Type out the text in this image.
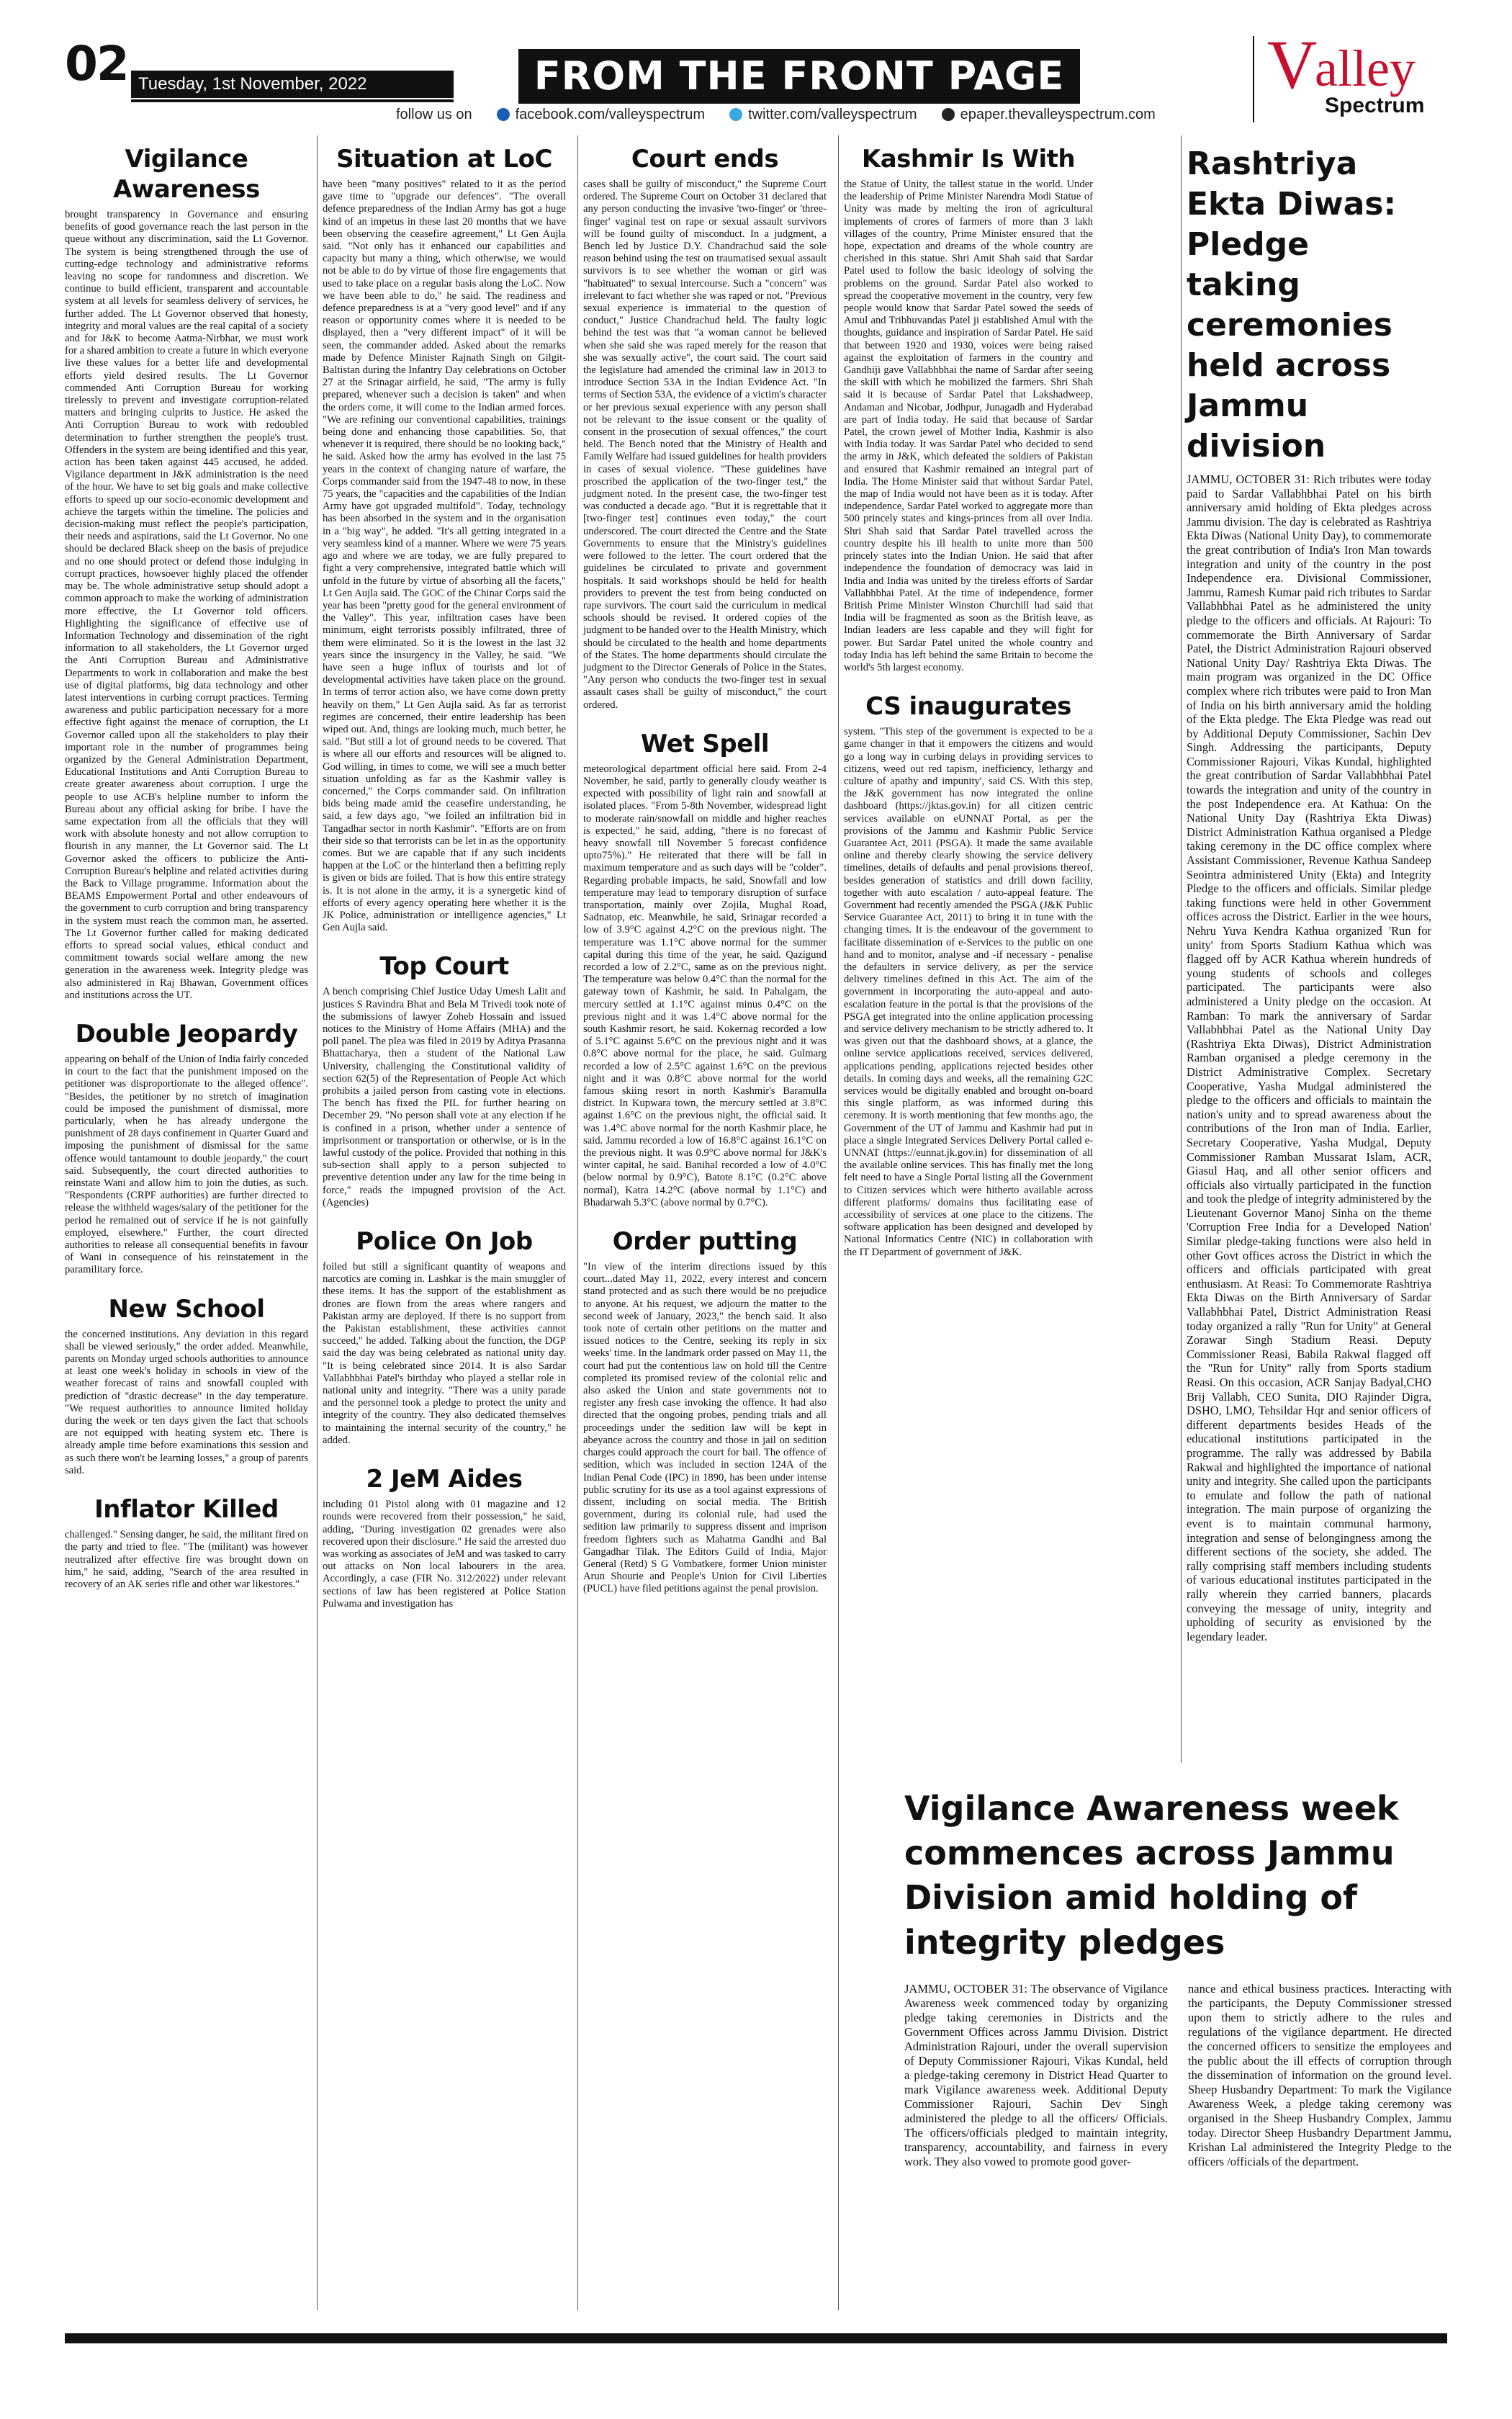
02 Tuesday, 1st November, 2022	FROM THE FRONT PAGE
follow us on	facebook.com/valleyspectrum	twitter.com/valleyspectrum	epaper.thevalleyspectrum.com
V
alley
Spectrum
Vigilance Awareness

brought transparency in Governance and ensuring benefits of good governance reach the last person in the queue without any discrimination, said the Lt Governor. The system is being strengthened through the use of cutting-edge technology and administrative reforms leaving no scope for randomness and discretion. We continue to build efficient, transparent and accountable system at all levels for seamless delivery of services, he further added. The Lt Governor observed that honesty, integrity and moral values are the real capital of a society and for J&K to become Aatma-Nirbhar, we must work for a shared ambition to create a future in which everyone live these values for a better life and developmental efforts yield desired results. The Lt Governor commended Anti Corruption Bureau for working tirelessly to prevent and investigate corruption-related matters and bringing culprits to Justice. He asked the Anti Corruption Bureau to work with redoubled determination to further strengthen the people's trust. Offenders in the system are being identified and this year, action has been taken against 445 accused, he added. Vigilance department in J&K administration is the need of the hour. We have to set big goals and make collective efforts to speed up our socio-economic development and achieve the targets within the timeline. The policies and decision-making must reflect the people's participation, their needs and aspirations, said the Lt Governor. No one should be declared Black sheep on the basis of prejudice and no one should protect or defend those indulging in corrupt practices, howsoever highly placed the offender may be. The whole administrative setup should adopt a common approach to make the working of administration more effective, the Lt Governor told officers. Highlighting the significance of effective use of Information Technology and dissemination of the right information to all stakeholders, the Lt Governor urged the Anti Corruption Bureau and Administrative Departments to work in collaboration and make the best use of digital platforms, big data technology and other latest interventions in curbing corrupt practices. Terming awareness and public participation necessary for a more effective fight against the menace of corruption, the Lt Governor called upon all the stakeholders to play their important role in the number of programmes being organized by the General Administration Department, Educational Institutions and Anti Corruption Bureau to create greater awareness about corruption. I urge the people to use ACB's helpline number to inform the Bureau about any official asking for bribe. I have the same expectation from all the officials that they will work with absolute honesty and not allow corruption to flourish in any manner, the Lt Governor said. The Lt Governor asked the officers to publicize the Anti-Corruption Bureau's helpline and related activities during the Back to Village programme. Information about the BEAMS Empowerment Portal and other endeavours of the government to curb corruption and bring transparency in the system must reach the common man, he asserted. The Lt Governor further called for making dedicated efforts to spread social values, ethical conduct and commitment towards social welfare among the new generation in the awareness week. Integrity pledge was also administered in Raj Bhawan, Government offices and institutions across the UT.

Double Jeopardy

appearing on behalf of the Union of India fairly conceded in court to the fact that the punishment imposed on the petitioner was disproportionate to the alleged offence". "Besides, the petitioner by no stretch of imagination could be imposed the punishment of dismissal, more particularly, when he has already undergone the punishment of 28 days confinement in Quarter Guard and imposing the punishment of dismissal for the same offence would tantamount to double jeopardy," the court said. Subsequently, the court directed authorities to reinstate Wani and allow him to join the duties, as such. "Respondents (CRPF authorities) are further directed to release the withheld wages/salary of the petitioner for the period he remained out of service if he is not gainfully employed, elsewhere." Further, the court directed authorities to release all consequential benefits in favour of Wani in consequence of his reinstatement in the paramilitary force.

New School

the concerned institutions. Any deviation in this regard shall be viewed seriously," the order added. Meanwhile, parents on Monday urged schools authorities to announce at least one week's holiday in schools in view of the weather forecast of rains and snowfall coupled with prediction of "drastic decrease" in the day temperature. "We request authorities to announce limited holiday during the week or ten days given the fact that schools are not equipped with heating system etc. There is already ample time before examinations this session and as such there won't be learning losses," a group of parents said.

Inflator Killed

challenged." Sensing danger, he said, the militant fired on the party and tried to flee. "The (militant) was however neutralized after effective fire was brought down on him," he said, adding, "Search of the area resulted in recovery of an AK series rifle and other war likestores."

Situation at LoC

have been "many positives" related to it as the period gave time to "upgrade our defences". "The overall defence preparedness of the Indian Army has got a huge kind of an impetus in these last 20 months that we have been observing the ceasefire agreement," Lt Gen Aujla said. "Not only has it enhanced our capabilities and capacity but many a thing, which otherwise, we would not be able to do by virtue of those fire engagements that used to take place on a regular basis along the LoC. Now we have been able to do," he said. The readiness and defence preparedness is at a "very good level" and if any reason or opportunity comes where it is needed to be displayed, then a "very different impact" of it will be seen, the commander added. Asked about the remarks made by Defence Minister Rajnath Singh on Gilgit-Baltistan during the Infantry Day celebrations on October 27 at the Srinagar airfield, he said, "The army is fully prepared, whenever such a decision is taken" and when the orders come, it will come to the Indian armed forces. "We are refining our conventional capabilities, trainings being done and enhancing those capabilities. So, that whenever it is required, there should be no looking back," he said. Asked how the army has evolved in the last 75 years in the context of changing nature of warfare, the Corps commander said from the 1947-48 to now, in these 75 years, the "capacities and the capabilities of the Indian Army have got upgraded multifold". Today, technology has been absorbed in the system and in the organisation in a "big way", he added. "It's all getting integrated in a very seamless kind of a manner. Where we were 75 years ago and where we are today, we are fully prepared to fight a very comprehensive, integrated battle which will unfold in the future by virtue of absorbing all the facets," Lt Gen Aujla said. The GOC of the Chinar Corps said the year has been "pretty good for the general environment of the Valley". This year, infiltration cases have been minimum, eight terrorists possibly infiltrated, three of them were eliminated. So it is the lowest in the last 32 years since the insurgency in the Valley, he said. "We have seen a huge influx of tourists and lot of developmental activities have taken place on the ground. In terms of terror action also, we have come down pretty heavily on them," Lt Gen Aujla said. As far as terrorist regimes are concerned, their entire leadership has been wiped out. And, things are looking much, much better, he said. "But still a lot of ground needs to be covered. That is where all our efforts and resources will be aligned to. God willing, in times to come, we will see a much better situation unfolding as far as the Kashmir valley is concerned," the Corps commander said. On infiltration bids being made amid the ceasefire understanding, he said, a few days ago, "we foiled an infiltration bid in Tangadhar sector in north Kashmir". "Efforts are on from their side so that terrorists can be let in as the opportunity comes. But we are capable that if any such incidents happen at the LoC or the hinterland then a befitting reply is given or bids are foiled. That is how this entire strategy is. It is not alone in the army, it is a synergetic kind of efforts of every agency operating here whether it is the JK Police, administration or intelligence agencies," Lt Gen Aujla said.

Top Court

A bench comprising Chief Justice Uday Umesh Lalit and justices S Ravindra Bhat and Bela M Trivedi took note of the submissions of lawyer Zoheb Hossain and issued notices to the Ministry of Home Affairs (MHA) and the poll panel. The plea was filed in 2019 by Aditya Prasanna Bhattacharya, then a student of the National Law University, challenging the Constitutional validity of section 62(5) of the Representation of People Act which prohibits a jailed person from casting vote in elections. The bench has fixed the PIL for further hearing on December 29. "No person shall vote at any election if he is confined in a prison, whether under a sentence of imprisonment or transportation or otherwise, or is in the lawful custody of the police. Provided that nothing in this sub-section shall apply to a person subjected to preventive detention under any law for the time being in force," reads the impugned provision of the Act. (Agencies)

Police On Job

foiled but still a significant quantity of weapons and narcotics are coming in. Lashkar is the main smuggler of these items. It has the support of the establishment as drones are flown from the areas where rangers and Pakistan army are deployed. If there is no support from the Pakistan establishment, these activities cannot succeed," he added. Talking about the function, the DGP said the day was being celebrated as national unity day. "It is being celebrated since 2014. It is also Sardar Vallabhbhai Patel's birthday who played a stellar role in national unity and integrity. "There was a unity parade and the personnel took a pledge to protect the unity and integrity of the country. They also dedicated themselves to maintaining the internal security of the country," he added.

2 JeM Aides

including 01 Pistol along with 01 magazine and 12 rounds were recovered from their possession," he said, adding, "During investigation 02 grenades were also recovered upon their disclosure." He said the arrested duo was working as associates of JeM and was tasked to carry out attacks on Non local labourers in the area. Accordingly, a case (FIR No. 312/2022) under relevant sections of law has been registered at Police Station Pulwama and investigation has

Court ends

cases shall be guilty of misconduct," the Supreme Court ordered. The Supreme Court on October 31 declared that any person conducting the invasive 'two-finger' or 'three-finger' vaginal test on rape or sexual assault survivors will be found guilty of misconduct. In a judgment, a Bench led by Justice D.Y. Chandrachud said the sole reason behind using the test on traumatised sexual assault survivors is to see whether the woman or girl was "habituated" to sexual intercourse. Such a "concern" was irrelevant to fact whether she was raped or not. "Previous sexual experience is immaterial to the question of conduct," Justice Chandrachud held. The faulty logic behind the test was that "a woman cannot be believed when she said she was raped merely for the reason that she was sexually active", the court said. The court said the legislature had amended the criminal law in 2013 to introduce Section 53A in the Indian Evidence Act. "In terms of Section 53A, the evidence of a victim's character or her previous sexual experience with any person shall not be relevant to the issue consent or the quality of consent in the prosecution of sexual offences," the court held. The Bench noted that the Ministry of Health and Family Welfare had issued guidelines for health providers in cases of sexual violence. "These guidelines have proscribed the application of the two-finger test," the judgment noted. In the present case, the two-finger test was conducted a decade ago. "But it is regrettable that it [two-finger test] continues even today," the court underscored. The court directed the Centre and the State Governments to ensure that the Ministry's guidelines were followed to the letter. The court ordered that the guidelines be circulated to private and government hospitals. It said workshops should be held for health providers to prevent the test from being conducted on rape survivors. The court said the curriculum in medical schools should be revised. It ordered copies of the judgment to be handed over to the Health Ministry, which should be circulated to the health and home departments of the States. The home departments should circulate the judgment to the Director Generals of Police in the States. "Any person who conducts the two-finger test in sexual assault cases shall be guilty of misconduct," the court ordered.

Wet Spell

meteorological department official here said. From 2-4 November, he said, partly to generally cloudy weather is expected with possibility of light rain and snowfall at isolated places. "From 5-8th November, widespread light to moderate rain/snowfall on middle and higher reaches is expected," he said, adding, "there is no forecast of heavy snowfall till November 5 forecast confidence upto75%)." He reiterated that there will be fall in maximum temperature and as such days will be "colder". Regarding probable impacts, he said, Snowfall and low temperature may lead to temporary disruption of surface transportation, mainly over Zojila, Mughal Road, Sadnatop, etc. Meanwhile, he said, Srinagar recorded a low of 3.9°C against 4.2°C on the previous night. The temperature was 1.1°C above normal for the summer capital during this time of the year, he said. Qazigund recorded a low of 2.2°C, same as on the previous night. The temperature was below 0.4°C than the normal for the gateway town of Kashmir, he said. In Pahalgam, the mercury settled at 1.1°C against minus 0.4°C on the previous night and it was 1.4°C above normal for the south Kashmir resort, he said. Kokernag recorded a low of 5.1°C against 5.6°C on the previous night and it was 0.8°C above normal for the place, he said. Gulmarg recorded a low of 2.5°C against 1.6°C on the previous night and it was 0.8°C above normal for the world famous skiing resort in north Kashmir's Baramulla district. In Kupwara town, the mercury settled at 3.8°C against 1.6°C on the previous night, the official said. It was 1.4°C above normal for the north Kashmir place, he said. Jammu recorded a low of 16.8°C against 16.1°C on the previous night. It was 0.9°C above normal for J&K's winter capital, he said. Banihal recorded a low of 4.0°C (below normal by 0.9°C), Batote 8.1°C (0.2°C above normal), Katra 14.2°C (above normal by 1.1°C) and Bhadarwah 5.3°C (above normal by 0.7°C).

Order putting

"In view of the interim directions issued by this court...dated May 11, 2022, every interest and concern stand protected and as such there would be no prejudice to anyone. At his request, we adjourn the matter to the second week of January, 2023," the bench said. It also took note of certain other petitions on the matter and issued notices to the Centre, seeking its reply in six weeks' time. In the landmark order passed on May 11, the court had put the contentious law on hold till the Centre completed its promised review of the colonial relic and also asked the Union and state governments not to register any fresh case invoking the offence. It had also directed that the ongoing probes, pending trials and all proceedings under the sedition law will be kept in abeyance across the country and those in jail on sedition charges could approach the court for bail. The offence of sedition, which was included in section 124A of the Indian Penal Code (IPC) in 1890, has been under intense public scrutiny for its use as a tool against expressions of dissent, including on social media. The British government, during its colonial rule, had used the sedition law primarily to suppress dissent and imprison freedom fighters such as Mahatma Gandhi and Bal Gangadhar Tilak. The Editors Guild of India, Major General (Retd) S G Vombatkere, former Union minister Arun Shourie and People's Union for Civil Liberties (PUCL) have filed petitions against the penal provision.

Kashmir Is With

the Statue of Unity, the tallest statue in the world. Under the leadership of Prime Minister Narendra Modi Statue of Unity was made by melting the iron of agricultural implements of crores of farmers of more than 3 lakh villages of the country, Prime Minister ensured that the hope, expectation and dreams of the whole country are cherished in this statue. Shri Amit Shah said that Sardar Patel used to follow the basic ideology of solving the problems on the ground. Sardar Patel also worked to spread the cooperative movement in the country, very few people would know that Sardar Patel sowed the seeds of Amul and Tribhuvandas Patel ji established Amul with the thoughts, guidance and inspiration of Sardar Patel. He said that between 1920 and 1930, voices were being raised against the exploitation of farmers in the country and Gandhiji gave Vallabhbhai the name of Sardar after seeing the skill with which he mobilized the farmers. Shri Shah said it is because of Sardar Patel that Lakshadweep, Andaman and Nicobar, Jodhpur, Junagadh and Hyderabad are part of India today. He said that because of Sardar Patel, the crown jewel of Mother India, Kashmir is also with India today. It was Sardar Patel who decided to send the army in J&K, which defeated the soldiers of Pakistan and ensured that Kashmir remained an integral part of India. The Home Minister said that without Sardar Patel, the map of India would not have been as it is today. After independence, Sardar Patel worked to aggregate more than 500 princely states and kings-princes from all over India. Shri Shah said that Sardar Patel travelled across the country despite his ill health to unite more than 500 princely states into the Indian Union. He said that after independence the foundation of democracy was laid in India and India was united by the tireless efforts of Sardar Vallabhbhai Patel. At the time of independence, former British Prime Minister Winston Churchill had said that India will be fragmented as soon as the British leave, as Indian leaders are less capable and they will fight for power. But Sardar Patel united the whole country and today India has left behind the same Britain to become the world's 5th largest economy.

CS inaugurates

system. "This step of the government is expected to be a game changer in that it empowers the citizens and would go a long way in curbing delays in providing services to citizens, weed out red tapism, inefficiency, lethargy and culture of apathy and impunity', said CS. With this step, the J&K government has now integrated the online dashboard (https://jktas.gov.in) for all citizen centric services available on eUNNAT Portal, as per the provisions of the Jammu and Kashmir Public Service Guarantee Act, 2011 (PSGA). It made the same available online and thereby clearly showing the service delivery timelines, details of defaults and penal provisions thereof, besides generation of statistics and drill down facility, together with auto escalation / auto-appeal feature. The Government had recently amended the PSGA (J&K Public Service Guarantee Act, 2011) to bring it in tune with the changing times. It is the endeavour of the government to facilitate dissemination of e-Services to the public on one hand and to monitor, analyse and -if necessary - penalise the defaulters in service delivery, as per the service delivery timelines defined in this Act. The aim of the government in incorporating the auto-appeal and auto-escalation feature in the portal is that the provisions of the PSGA get integrated into the online application processing and service delivery mechanism to be strictly adhered to. It was given out that the dashboard shows, at a glance, the online service applications received, services delivered, applications pending, applications rejected besides other details. In coming days and weeks, all the remaining G2C services would be digitally enabled and brought on-board this single platform, as was informed during this ceremony. It is worth mentioning that few months ago, the Government of the UT of Jammu and Kashmir had put in place a single Integrated Services Delivery Portal called e-UNNAT (https://eunnat.jk.gov.in) for dissemination of all the available online services. This has finally met the long felt need to have a Single Portal listing all the Government to Citizen services which were hitherto available across different platforms/ domains thus facilitating ease of accessibility of services at one place to the citizens. The software application has been designed and developed by National Informatics Centre (NIC) in collaboration with the IT Department of government of J&K.

Rashtriya Ekta Diwas: Pledge taking ceremonies held across Jammu division

JAMMU, OCTOBER 31: Rich tributes were today paid to Sardar Vallabhbhai Patel on his birth anniversary amid holding of Ekta pledges across Jammu division. The day is celebrated as Rashtriya Ekta Diwas (National Unity Day), to commemorate the great contribution of India's Iron Man towards integration and unity of the country in the post Independence era. Divisional Commissioner, Jammu, Ramesh Kumar paid rich tributes to Sardar Vallabhbhai Patel as he administered the unity pledge to the officers and officials. At Rajouri: To commemorate the Birth Anniversary of Sardar Patel, the District Administration Rajouri observed National Unity Day/ Rashtriya Ekta Diwas. The main program was organized in the DC Office complex where rich tributes were paid to Iron Man of India on his birth anniversary amid the holding of the Ekta pledge. The Ekta Pledge was read out by Additional Deputy Commissioner, Sachin Dev Singh. Addressing the participants, Deputy Commissioner Rajouri, Vikas Kundal, highlighted the great contribution of Sardar Vallabhbhai Patel towards the integration and unity of the country in the post Independence era. At Kathua: On the National Unity Day (Rashtriya Ekta Diwas) District Administration Kathua organised a Pledge taking ceremony in the DC office complex where Assistant Commissioner, Revenue Kathua Sandeep Seointra administered Unity (Ekta) and Integrity Pledge to the officers and officials. Similar pledge taking functions were held in other Government offices across the District. Earlier in the wee hours, Nehru Yuva Kendra Kathua organized 'Run for unity' from Sports Stadium Kathua which was flagged off by ACR Kathua wherein hundreds of young students of schools and colleges participated. The participants were also administered a Unity pledge on the occasion. At Ramban: To mark the anniversary of Sardar Vallabhbhai Patel as the National Unity Day (Rashtriya Ekta Diwas), District Administration Ramban organised a pledge ceremony in the District Administrative Complex. Secretary Cooperative, Yasha Mudgal administered the pledge to the officers and officials to maintain the nation's unity and to spread awareness about the contributions of the Iron man of India. Earlier, Secretary Cooperative, Yasha Mudgal, Deputy Commissioner Ramban Mussarat Islam, ACR, Giasul Haq, and all other senior officers and officials also virtually participated in the function and took the pledge of integrity administered by the Lieutenant Governor Manoj Sinha on the theme 'Corruption Free India for a Developed Nation' Similar pledge-taking functions were also held in other Govt offices across the District in which the officers and officials participated with great enthusiasm. At Reasi: To Commemorate Rashtriya Ekta Diwas on the Birth Anniversary of Sardar Vallabhbhai Patel, District Administration Reasi today organized a rally "Run for Unity" at General Zorawar Singh Stadium Reasi. Deputy Commissioner Reasi, Babila Rakwal flagged off the "Run for Unity" rally from Sports stadium Reasi. On this occasion, ACR Sanjay Badyal,CHO Brij Vallabh, CEO Sunita, DIO Rajinder Digra, DSHO, LMO, Tehsildar Hqr and senior officers of different departments besides Heads of the educational institutions participated in the programme. The rally was addressed by Babila Rakwal and highlighted the importance of national unity and integrity. She called upon the participants to emulate and follow the path of national integration. The main purpose of organizing the event is to maintain communal harmony, integration and sense of belongingness among the different sections of the society, she added. The rally comprising staff members including students of various educational institutes participated in the rally wherein they carried banners, placards conveying the message of unity, integrity and upholding of security as envisioned by the legendary leader.

Vigilance Awareness week commences across Jammu Division amid holding of integrity pledges

JAMMU, OCTOBER 31: The observance of Vigilance Awareness week commenced today by organizing pledge taking ceremonies in Districts and the Government Offices across Jammu Division. District Administration Rajouri, under the overall supervision of Deputy Commissioner Rajouri, Vikas Kundal, held a pledge-taking ceremony in District Head Quarter to mark Vigilance awareness week. Additional Deputy Commissioner Rajouri, Sachin Dev Singh administered the pledge to all the officers/ Officials. The officers/officials pledged to maintain integrity, transparency, accountability, and fairness in every work. They also vowed to promote good gover-

nance and ethical business practices. Interacting with the participants, the Deputy Commissioner stressed upon them to strictly adhere to the rules and regulations of the vigilance department. He directed the concerned officers to sensitize the employees and the public about the ill effects of corruption through the dissemination of information on the ground level. Sheep Husbandry Department: To mark the Vigilance Awareness Week, a pledge taking ceremony was organised in the Sheep Husbandry Complex, Jammu today. Director Sheep Husbandry Department Jammu, Krishan Lal administered the Integrity Pledge to the officers /officials of the department.
